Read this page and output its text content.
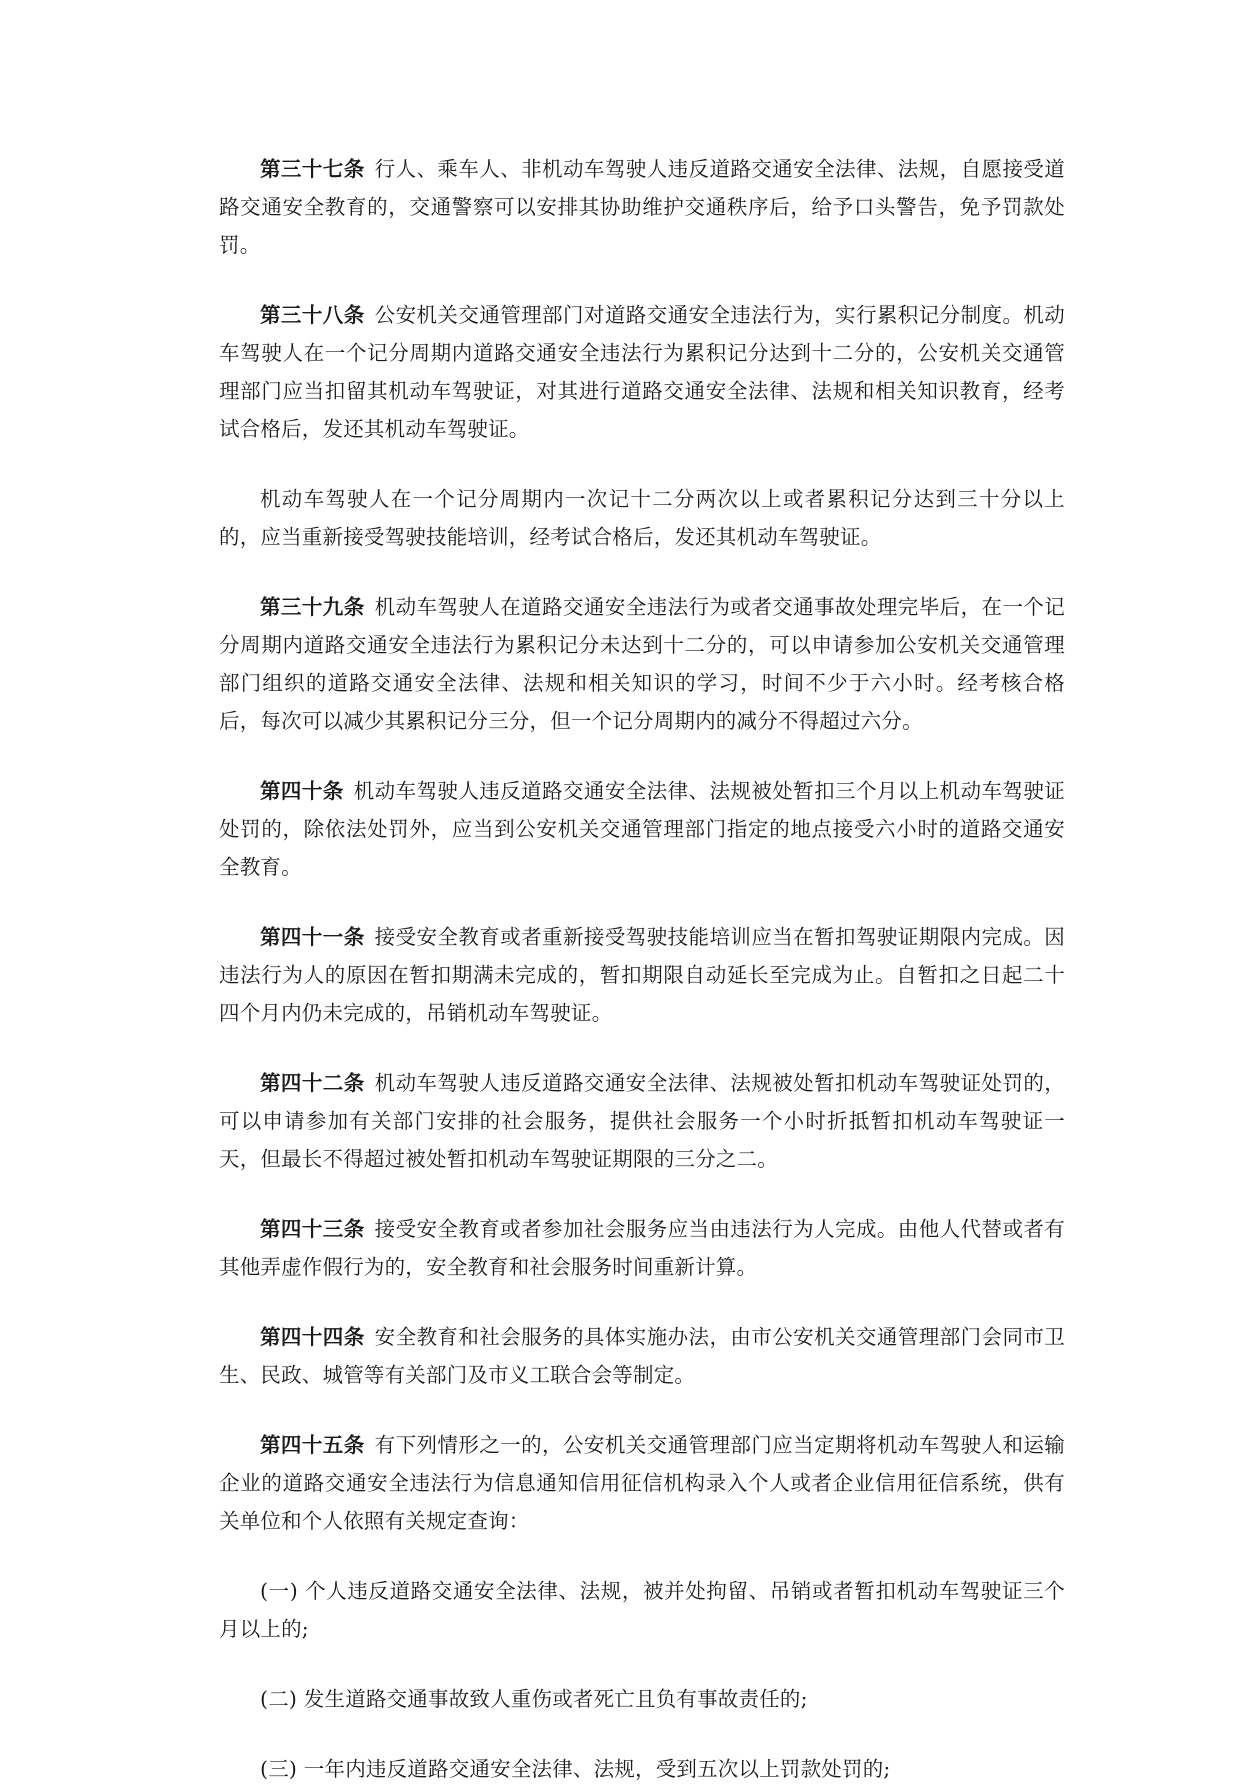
第三十七条 行人、乘车人、非机动车驾驶人违反道路交通安全法律、法规，自愿接受道路交通安全教育的，交通警察可以安排其协助维护交通秩序后，给予口头警告，免予罚款处罚。

第三十八条 公安机关交通管理部门对道路交通安全违法行为，实行累积记分制度。机动车驾驶人在一个记分周期内道路交通安全违法行为累积记分达到十二分的，公安机关交通管理部门应当扣留其机动车驾驶证，对其进行道路交通安全法律、法规和相关知识教育，经考试合格后，发还其机动车驾驶证。

机动车驾驶人在一个记分周期内一次记十二分两次以上或者累积记分达到三十分以上的，应当重新接受驾驶技能培训，经考试合格后，发还其机动车驾驶证。

第三十九条 机动车驾驶人在道路交通安全违法行为或者交通事故处理完毕后，在一个记分周期内道路交通安全违法行为累积记分未达到十二分的，可以申请参加公安机关交通管理部门组织的道路交通安全法律、法规和相关知识的学习，时间不少于六小时。经考核合格后，每次可以减少其累积记分三分，但一个记分周期内的减分不得超过六分。

第四十条 机动车驾驶人违反道路交通安全法律、法规被处暂扣三个月以上机动车驾驶证处罚的，除依法处罚外，应当到公安机关交通管理部门指定的地点接受六小时的道路交通安全教育。

第四十一条 接受安全教育或者重新接受驾驶技能培训应当在暂扣驾驶证期限内完成。因违法行为人的原因在暂扣期满未完成的，暂扣期限自动延长至完成为止。自暂扣之日起二十四个月内仍未完成的，吊销机动车驾驶证。

第四十二条 机动车驾驶人违反道路交通安全法律、法规被处暂扣机动车驾驶证处罚的，可以申请参加有关部门安排的社会服务，提供社会服务一个小时折抵暂扣机动车驾驶证一天，但最长不得超过被处暂扣机动车驾驶证期限的三分之二。

第四十三条 接受安全教育或者参加社会服务应当由违法行为人完成。由他人代替或者有其他弄虚作假行为的，安全教育和社会服务时间重新计算。

第四十四条 安全教育和社会服务的具体实施办法，由市公安机关交通管理部门会同市卫生、民政、城管等有关部门及市义工联合会等制定。

第四十五条 有下列情形之一的，公安机关交通管理部门应当定期将机动车驾驶人和运输企业的道路交通安全违法行为信息通知信用征信机构录入个人或者企业信用征信系统，供有关单位和个人依照有关规定查询：

(一) 个人违反道路交通安全法律、法规，被并处拘留、吊销或者暂扣机动车驾驶证三个月以上的;

(二) 发生道路交通事故致人重伤或者死亡且负有事故责任的;

(三) 一年内违反道路交通安全法律、法规，受到五次以上罚款处罚的;
